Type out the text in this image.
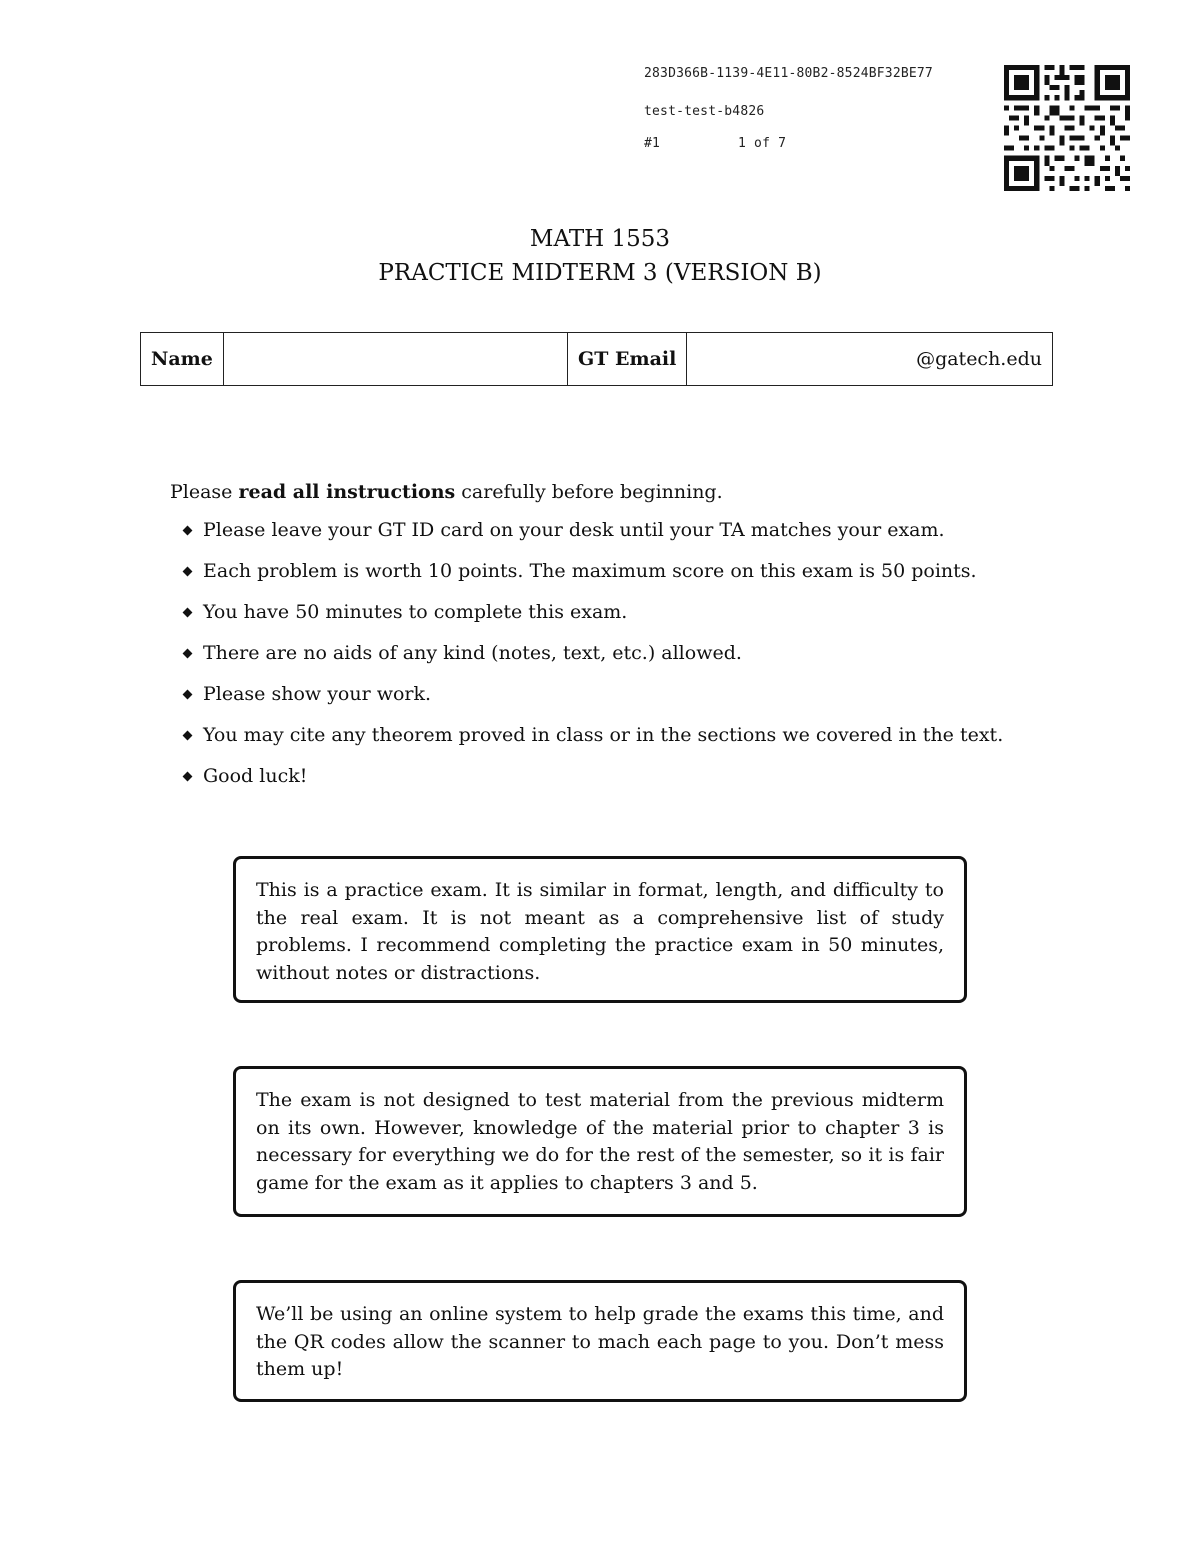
283D366B-1139-4E11-80B2-8524BF32BE77
test-test-b4826
#1	1 of 7
MATH 1553
PRACTICE MIDTERM 3 (VERSION B)
Name		GT Email	@gatech.edu

Please read all instructions carefully before beginning.

Please leave your GT ID card on your desk until your TA matches your exam.
Each problem is worth 10 points. The maximum score on this exam is 50 points.
You have 50 minutes to complete this exam.
There are no aids of any kind (notes, text, etc.) allowed.
Please show your work.
You may cite any theorem proved in class or in the sections we covered in the text.
Good luck!
This is a practice exam. It is similar in format, length, and difficulty to the real exam. It is not meant as a comprehensive list of study problems. I recommend completing the practice exam in 50 minutes, without notes or distractions.
The exam is not designed to test material from the previous midterm on its own. However, knowledge of the material prior to chapter 3 is necessary for everything we do for the rest of the semester, so it is fair game for the exam as it applies to chapters 3 and 5.
We’ll be using an online system to help grade the exams this time, and the QR codes allow the scanner to mach each page to you. Don’t mess them up!
